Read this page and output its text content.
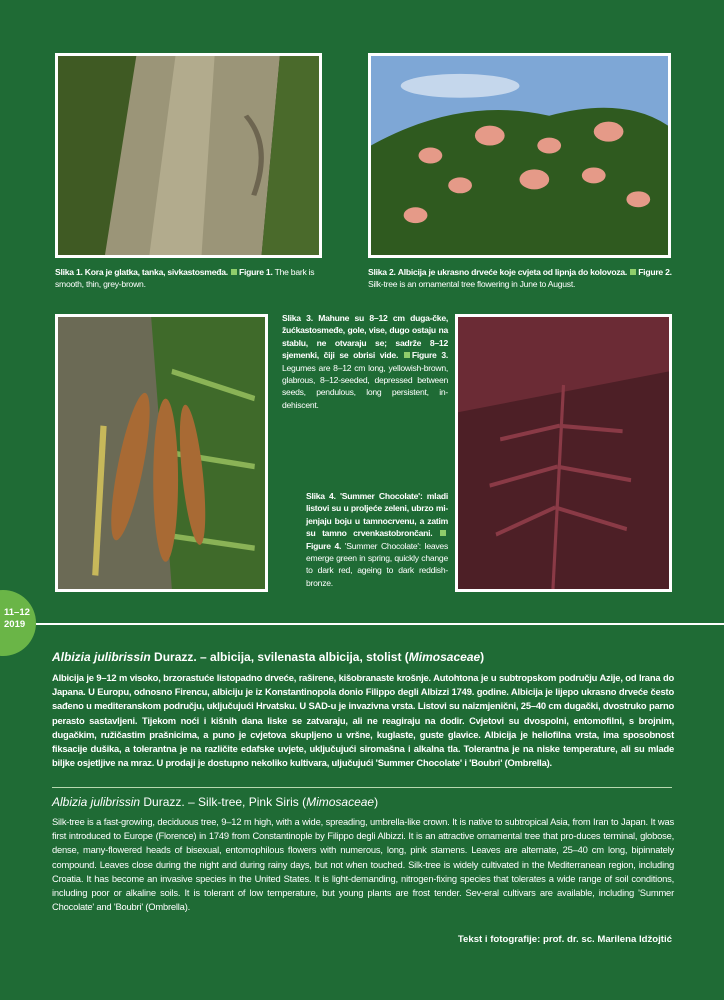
Slika 1. Kora je glatka, tanka, sivkastosmeđa. Figure 1. The bark is smooth, thin, grey-brown.
Slika 2. Albicija je ukrasno drveće koje cvjeta od lipnja do kolovoza. Figure 2. Silk-tree is an ornamental tree flowering in June to August.
Slika 3. Mahune su 8–12 cm duga-čke, žućkastosmeđe, gole, vise, dugo ostaju na stablu, ne otvaraju se; sadrže 8–12 sjemenki, čiji se obrisi vide. Figure 3. Legumes are 8–12 cm long, yellowish-brown, glabrous, 8–12-seeded, depressed between seeds, pendulous, long persistent, in-dehiscent.
Slika 4. 'Summer Chocolate': mladi listovi su u proljeće zeleni, ubrzo mi-jenjaju boju u tamnocrvenu, a zatim su tamno crvenkastobrončani. Figure 4. 'Summer Chocolate': leaves emerge green in spring, quickly change to dark red, ageing to dark reddish-bronze.
11–12
2019
Albizia julibrissin Durazz. – albicija, svilenasta albicija, stolist (Mimosaceae)
Albicija je 9–12 m visoko, brzorastuće listopadno drveće, raširene, kišobranaste krošnje. Autohtona je u subtropskom području Azije, od Irana do Japana. U Europu, odnosno Firencu, albiciju je iz Konstantinopola donio Filippo degli Albizzi 1749. godine. Albicija je lijepo ukrasno drveće često sađeno u mediteranskom području, uključujući Hrvatsku. U SAD-u je invazivna vrsta. Listovi su naizmjenični, 25–40 cm dugački, dvostruko parno perasto sastavljeni. Tijekom noći i kišnih dana liske se zatvaraju, ali ne reagiraju na dodir. Cvjetovi su dvospolni, entomofilni, s brojnim, dugačkim, ružičastim prašnicima, a puno je cvjetova skupljeno u vršne, kuglaste, guste glavice. Albicija je heliofilna vrsta, ima sposobnost fiksacije dušika, a tolerantna je na različite edafske uvjete, uključujući siromašna i alkalna tla. Tolerantna je na niske temperature, ali su mlade biljke osjetljive na mraz. U prodaji je dostupno nekoliko kultivara, uljučujući 'Summer Chocolate' i 'Boubri' (Ombrella).
Albizia julibrissin Durazz. – Silk-tree, Pink Siris (Mimosaceae)
Silk-tree is a fast-growing, deciduous tree, 9–12 m high, with a wide, spreading, umbrella-like crown. It is native to subtropical Asia, from Iran to Japan. It was first introduced to Europe (Florence) in 1749 from Constantinople by Filippo degli Albizzi. It is an attractive ornamental tree that pro-duces terminal, globose, dense, many-flowered heads of bisexual, entomophilous flowers with numerous, long, pink stamens. Leaves are alternate, 25–40 cm long, bipinnately compound. Leaves close during the night and during rainy days, but not when touched. Silk-tree is widely cultivated in the Mediterranean region, including Croatia. It has become an invasive species in the United States. It is light-demanding, nitrogen-fixing species that tolerates a wide range of soil conditions, including poor or alkaline soils. It is tolerant of low temperature, but young plants are frost tender. Sev-eral cultivars are available, including 'Summer Chocolate' and 'Boubri' (Ombrella).
Tekst i fotografije: prof. dr. sc. Marilena Idžojtić
